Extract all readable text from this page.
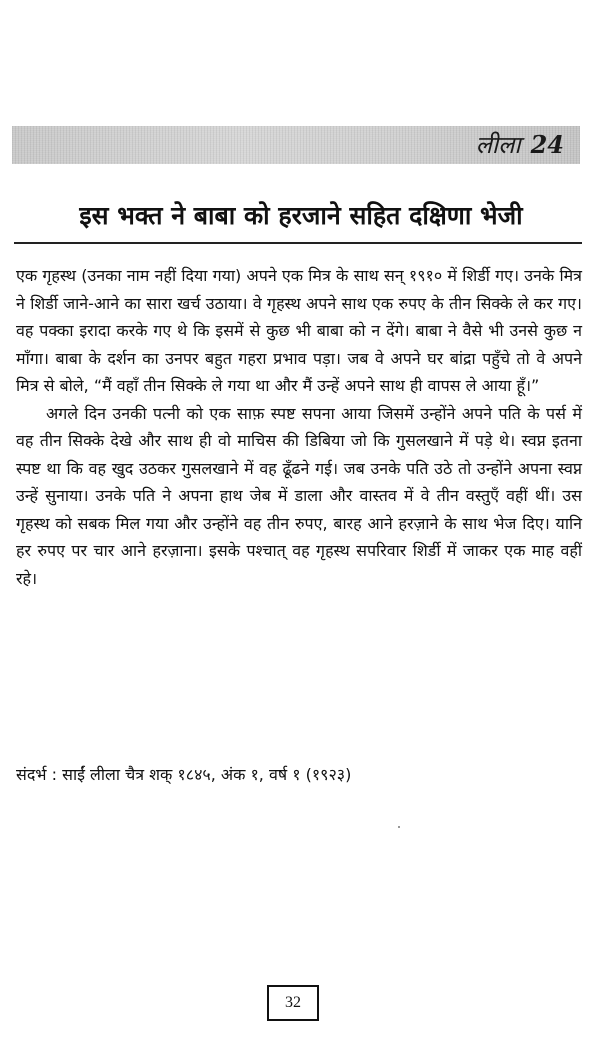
लीला 24
इस भक्त ने बाबा को हरजाने सहित दक्षिणा भेजी

एक गृहस्थ (उनका नाम नहीं दिया गया) अपने एक मित्र के साथ सन् १९१० में शिर्डी गए। उनके मित्र ने शिर्डी जाने-आने का सारा खर्च उठाया। वे गृहस्थ अपने साथ एक रुपए के तीन सिक्के ले कर गए। वह पक्का इरादा करके गए थे कि इसमें से कुछ भी बाबा को न देंगे। बाबा ने वैसे भी उनसे कुछ न माँगा। बाबा के दर्शन का उनपर बहुत गहरा प्रभाव पड़ा। जब वे अपने घर बांद्रा पहुँचे तो वे अपने मित्र से बोले, “मैं वहाँ तीन सिक्के ले गया था और मैं उन्हें अपने साथ ही वापस ले आया हूँ।”

अगले दिन उनकी पत्नी को एक साफ़ स्पष्ट सपना आया जिसमें उन्होंने अपने पति के पर्स में वह तीन सिक्के देखे और साथ ही वो माचिस की डिबिया जो कि गुसलखाने में पड़े थे। स्वप्न इतना स्पष्ट था कि वह खुद उठकर गुसलखाने में वह ढूँढने गई। जब उनके पति उठे तो उन्होंने अपना स्वप्न उन्हें सुनाया। उनके पति ने अपना हाथ जेब में डाला और वास्तव में वे तीन वस्तुएँ वहीं थीं। उस गृहस्थ को सबक मिल गया और उन्होंने वह तीन रुपए, बारह आने हरज़ाने के साथ भेज दिए। यानि हर रुपए पर चार आने हरज़ाना। इसके पश्चात् वह गृहस्थ सपरिवार शिर्डी में जाकर एक माह वहीं रहे।

संदर्भ : साईं लीला चैत्र शक् १८४५, अंक १, वर्ष १ (१९२३)
32
